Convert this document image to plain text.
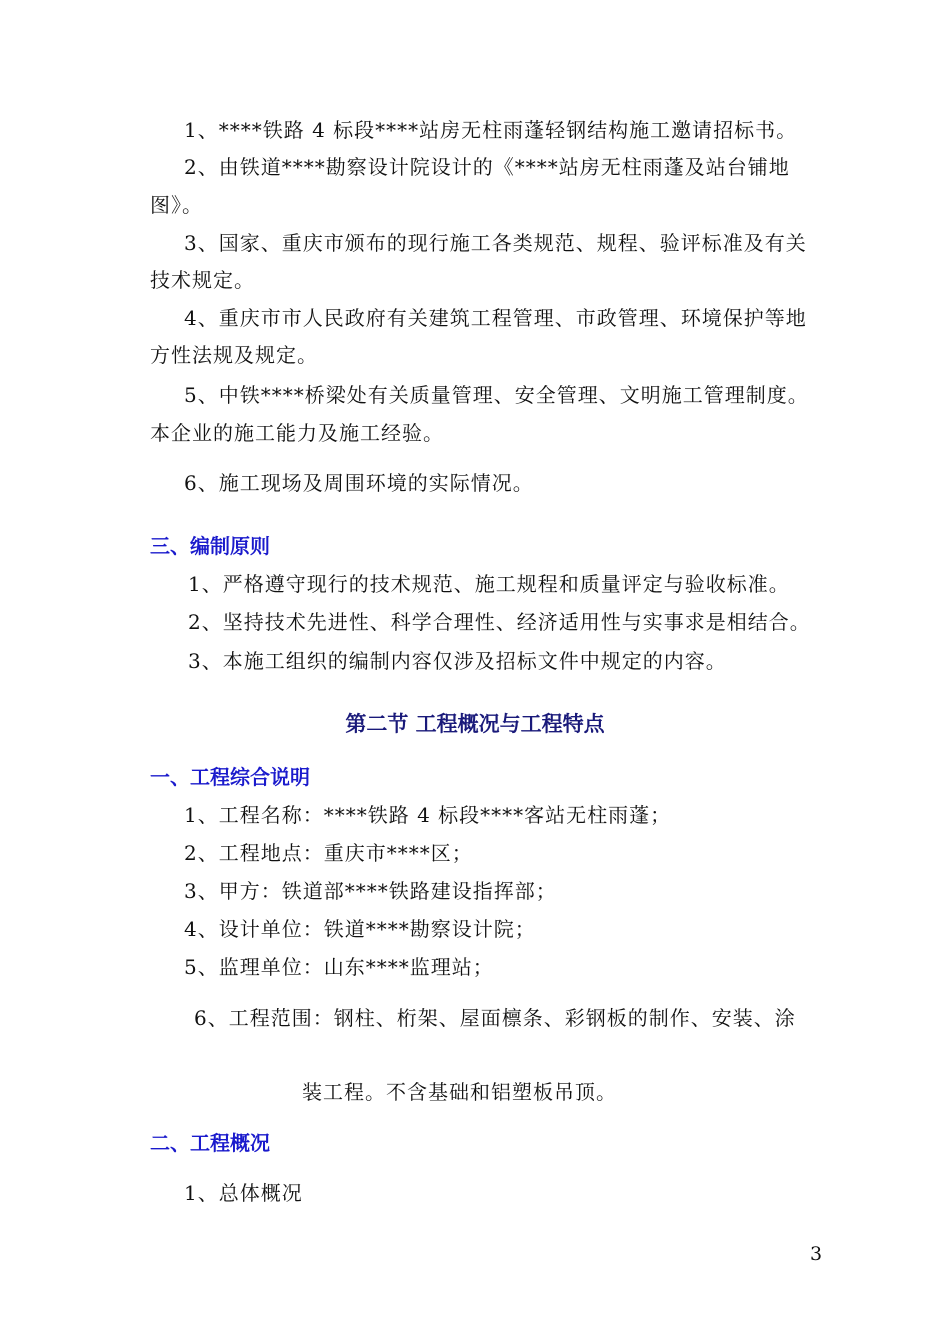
1、****铁路 4 标段****站房无柱雨蓬轻钢结构施工邀请招标书。
2、由铁道****勘察设计院设计的《****站房无柱雨蓬及站台铺地
图》。
3、国家、重庆市颁布的现行施工各类规范、规程、验评标准及有关
技术规定。
4、重庆市市人民政府有关建筑工程管理、市政管理、环境保护等地
方性法规及规定。
5、中铁****桥梁处有关质量管理、安全管理、文明施工管理制度。
本企业的施工能力及施工经验。
6、施工现场及周围环境的实际情况。
三、编制原则
1、严格遵守现行的技术规范、施工规程和质量评定与验收标准。
2、坚持技术先进性、科学合理性、经济适用性与实事求是相结合。
3、本施工组织的编制内容仅涉及招标文件中规定的内容。
第二节 工程概况与工程特点
一、工程综合说明
1、工程名称：****铁路 4 标段****客站无柱雨蓬；
2、工程地点：重庆市****区；
3、甲方：铁道部****铁路建设指挥部；
4、设计单位：铁道****勘察设计院；
5、监理单位：山东****监理站；
6、工程范围：钢柱、桁架、屋面檩条、彩钢板的制作、安装、涂
装工程。不含基础和铝塑板吊顶。
二、工程概况
1、总体概况
3
